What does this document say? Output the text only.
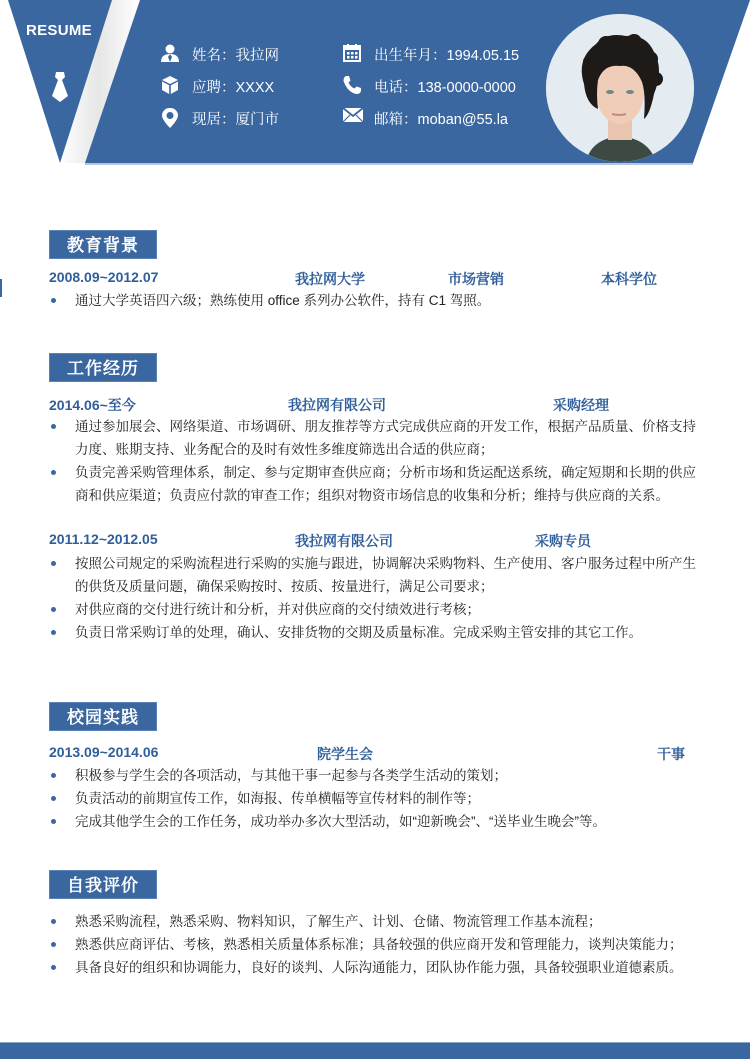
RESUME
姓名：我拉网
应聘：XXXX
现居：厦门市
出生年月：1994.05.15
电话：138-0000-0000
邮箱：moban@55.la
教育背景
2008.09~2012.07	我拉网大学	市场营销	本科学位
通过大学英语四六级；熟练使用 office 系列办公软件，持有 C1 驾照。
工作经历
2014.06~至今	我拉网有限公司	采购经理
通过参加展会、网络渠道、市场调研、朋友推荐等方式完成供应商的开发工作，根据产品质量、价格支持力度、账期支持、业务配合的及时有效性多维度筛选出合适的供应商；
负责完善采购管理体系，制定、参与定期审查供应商；分析市场和货运配送系统，确定短期和长期的供应商和供应渠道；负责应付款的审查工作；组织对物资市场信息的收集和分析；维持与供应商的关系。
2011.12~2012.05	我拉网有限公司	采购专员
按照公司规定的采购流程进行采购的实施与跟进，协调解决采购物料、生产使用、客户服务过程中所产生的供货及质量问题，确保采购按时、按质、按量进行，满足公司要求；
对供应商的交付进行统计和分析，并对供应商的交付绩效进行考核；
负责日常采购订单的处理，确认、安排货物的交期及质量标准。完成采购主管安排的其它工作。
校园实践
2013.09~2014.06	院学生会	干事
积极参与学生会的各项活动，与其他干事一起参与各类学生活动的策划；
负责活动的前期宣传工作，如海报、传单横幅等宣传材料的制作等；
完成其他学生会的工作任务，成功举办多次大型活动，如“迎新晚会”、“送毕业生晚会”等。
自我评价
熟悉采购流程，熟悉采购、物料知识，了解生产、计划、仓储、物流管理工作基本流程；
熟悉供应商评估、考核，熟悉相关质量体系标准；具备较强的供应商开发和管理能力，谈判决策能力；
具备良好的组织和协调能力，良好的谈判、人际沟通能力，团队协作能力强，具备较强职业道德素质。
